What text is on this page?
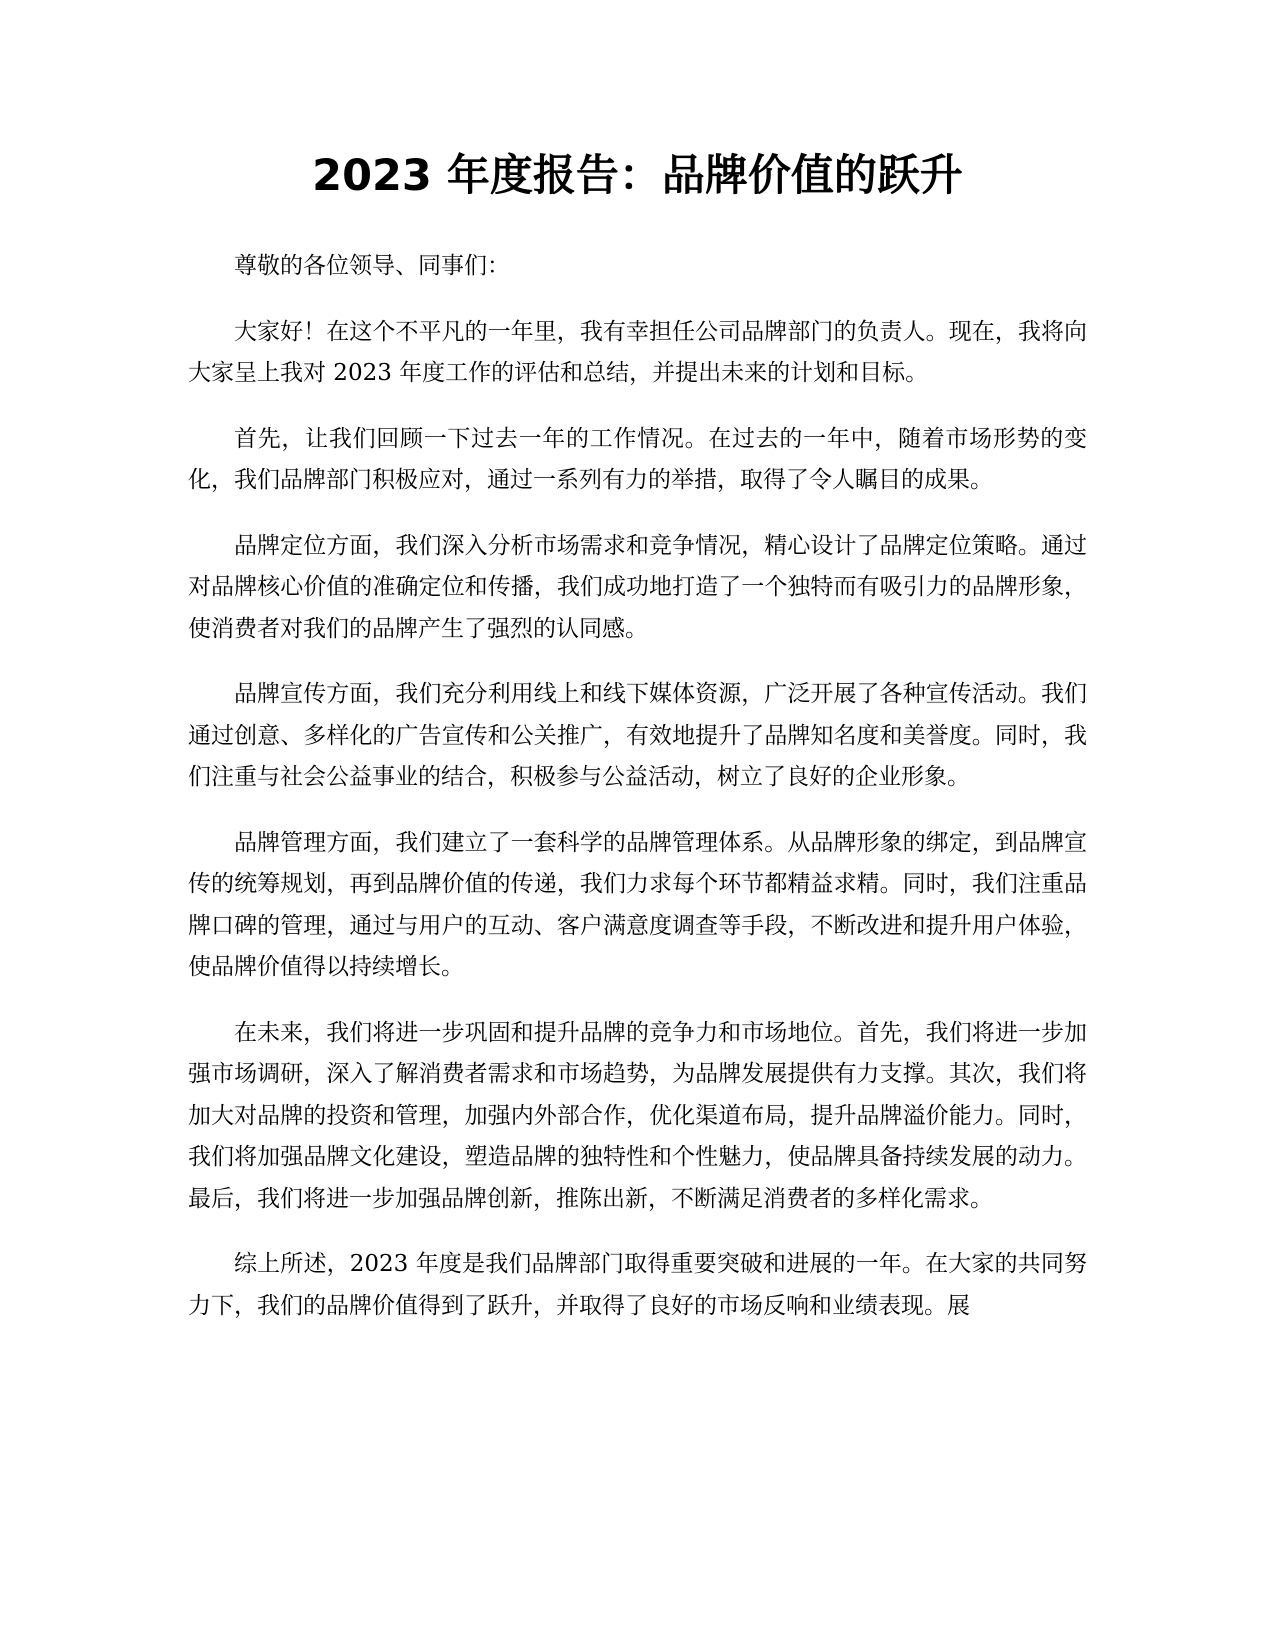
2023 年度报告：品牌价值的跃升

尊敬的各位领导、同事们：

大家好！在这个不平凡的一年里，我有幸担任公司品牌部门的负责人。现在，我将向大家呈上我对 2023 年度工作的评估和总结，并提出未来的计划和目标。

首先，让我们回顾一下过去一年的工作情况。在过去的一年中，随着市场形势的变化，我们品牌部门积极应对，通过一系列有力的举措，取得了令人瞩目的成果。

品牌定位方面，我们深入分析市场需求和竞争情况，精心设计了品牌定位策略。通过对品牌核心价值的准确定位和传播，我们成功地打造了一个独特而有吸引力的品牌形象，使消费者对我们的品牌产生了强烈的认同感。

品牌宣传方面，我们充分利用线上和线下媒体资源，广泛开展了各种宣传活动。我们通过创意、多样化的广告宣传和公关推广，有效地提升了品牌知名度和美誉度。同时，我们注重与社会公益事业的结合，积极参与公益活动，树立了良好的企业形象。

品牌管理方面，我们建立了一套科学的品牌管理体系。从品牌形象的绑定，到品牌宣传的统筹规划，再到品牌价值的传递，我们力求每个环节都精益求精。同时，我们注重品牌口碑的管理，通过与用户的互动、客户满意度调查等手段，不断改进和提升用户体验，使品牌价值得以持续增长。

在未来，我们将进一步巩固和提升品牌的竞争力和市场地位。首先，我们将进一步加强市场调研，深入了解消费者需求和市场趋势，为品牌发展提供有力支撑。其次，我们将加大对品牌的投资和管理，加强内外部合作，优化渠道布局，提升品牌溢价能力。同时，我们将加强品牌文化建设，塑造品牌的独特性和个性魅力，使品牌具备持续发展的动力。最后，我们将进一步加强品牌创新，推陈出新，不断满足消费者的多样化需求。

综上所述，2023 年度是我们品牌部门取得重要突破和进展的一年。在大家的共同努力下，我们的品牌价值得到了跃升，并取得了良好的市场反响和业绩表现。展
